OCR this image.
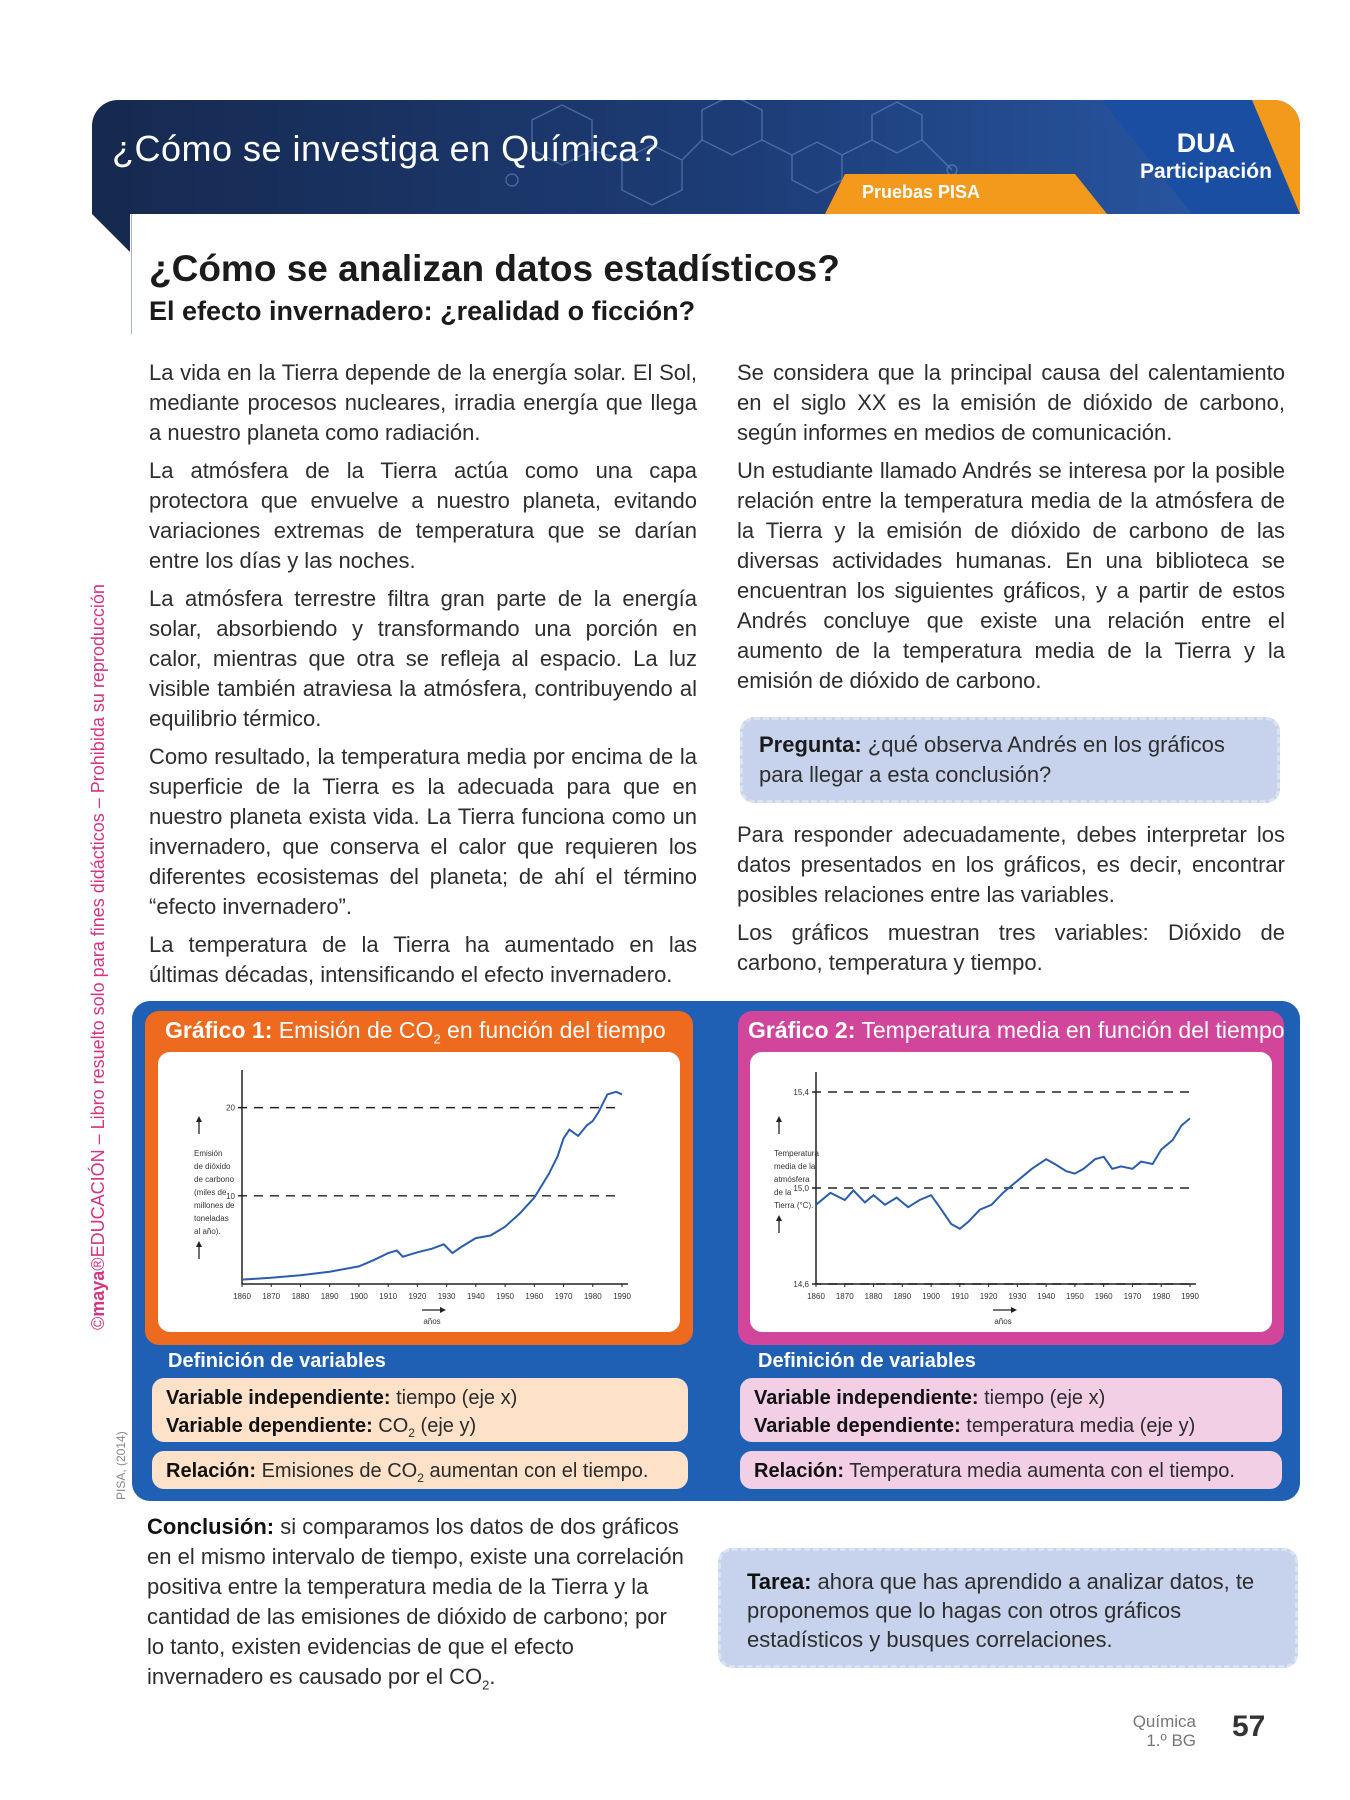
¿Cómo se investiga en Química?
Pruebas PISA
DUA
Participación
¿Cómo se analizan datos estadísticos?
El efecto invernadero: ¿realidad o ficción?
©maya®EDUCACIÓN – Libro resuelto solo para fines didácticos – Prohibida su reproducción
PISA, (2014)

La vida en la Tierra depende de la energía solar. El Sol, mediante procesos nucleares, irradia energía que llega a nuestro planeta como radiación.

La atmósfera de la Tierra actúa como una capa protectora que envuelve a nuestro planeta, evitando variaciones extremas de temperatura que se darían entre los días y las noches.

La atmósfera terrestre filtra gran parte de la energía solar, absorbiendo y transformando una porción en calor, mientras que otra se refleja al espacio. La luz visible también atraviesa la atmósfera, contribuyendo al equilibrio térmico.

Como resultado, la temperatura media por encima de la superficie de la Tierra es la adecuada para que en nuestro planeta exista vida. La Tierra funciona como un invernadero, que conserva el calor que requieren los diferentes ecosistemas del planeta; de ahí el término “efecto invernadero”.

La temperatura de la Tierra ha aumentado en las últimas décadas, intensificando el efecto invernadero.

Se considera que la principal causa del calentamiento en el siglo XX es la emisión de dióxido de carbono, según informes en medios de comunicación.

Un estudiante llamado Andrés se interesa por la posible relación entre la temperatura media de la atmósfera de la Tierra y la emisión de dióxido de carbono de las diversas actividades humanas. En una biblioteca se encuentran los siguientes gráficos, y a partir de estos Andrés concluye que existe una relación entre el aumento de la temperatura media de la Tierra y la emisión de dióxido de carbono.

Pregunta: ¿qué observa Andrés en los gráficos para llegar a esta conclusión?

Para responder adecuadamente, debes interpretar los datos presentados en los gráficos, es decir, encontrar posibles relaciones entre las variables.

Los gráficos muestran tres variables: Dióxido de carbono, temperatura y tiempo.

Gráfico 1: Emisión de $CO_2$ en función del tiempo
10
20
1860 1870 1880 1890 1900 1910 1920 1930 1940 1950 1960 1970 1980 1990
Emisión
de dióxido
de carbono
(miles de
millones de
toneladas
al año).
años
Gráfico 2: Temperatura media en función del tiempo
14,6
15,0
15,4
1860 1870 1880 1890 1900 1910 1920 1930 1940 1950 1960 1970 1980 1990
Temperatura
media de la
atmósfera
de la
Tierra (°C).
años
Definición de variables
Variable independiente: tiempo (eje x)
Variable dependiente: $CO_2$ (eje y)
Relación: Emisiones de $CO_2$ aumentan con el tiempo.
Definición de variables
Variable independiente: tiempo (eje x)
Variable dependiente: temperatura media (eje y)
Relación: Temperatura media aumenta con el tiempo.
Conclusión: si comparamos los datos de dos gráficos en el mismo intervalo de tiempo, existe una correlación positiva entre la temperatura media de la Tierra y la cantidad de las emisiones de dióxido de carbono; por lo tanto, existen evidencias de que el efecto invernadero es causado por el $CO_2$.
Tarea: ahora que has aprendido a analizar datos, te proponemos que lo hagas con otros gráficos estadísticos y busques correlaciones.
Química
1.º BG 57
